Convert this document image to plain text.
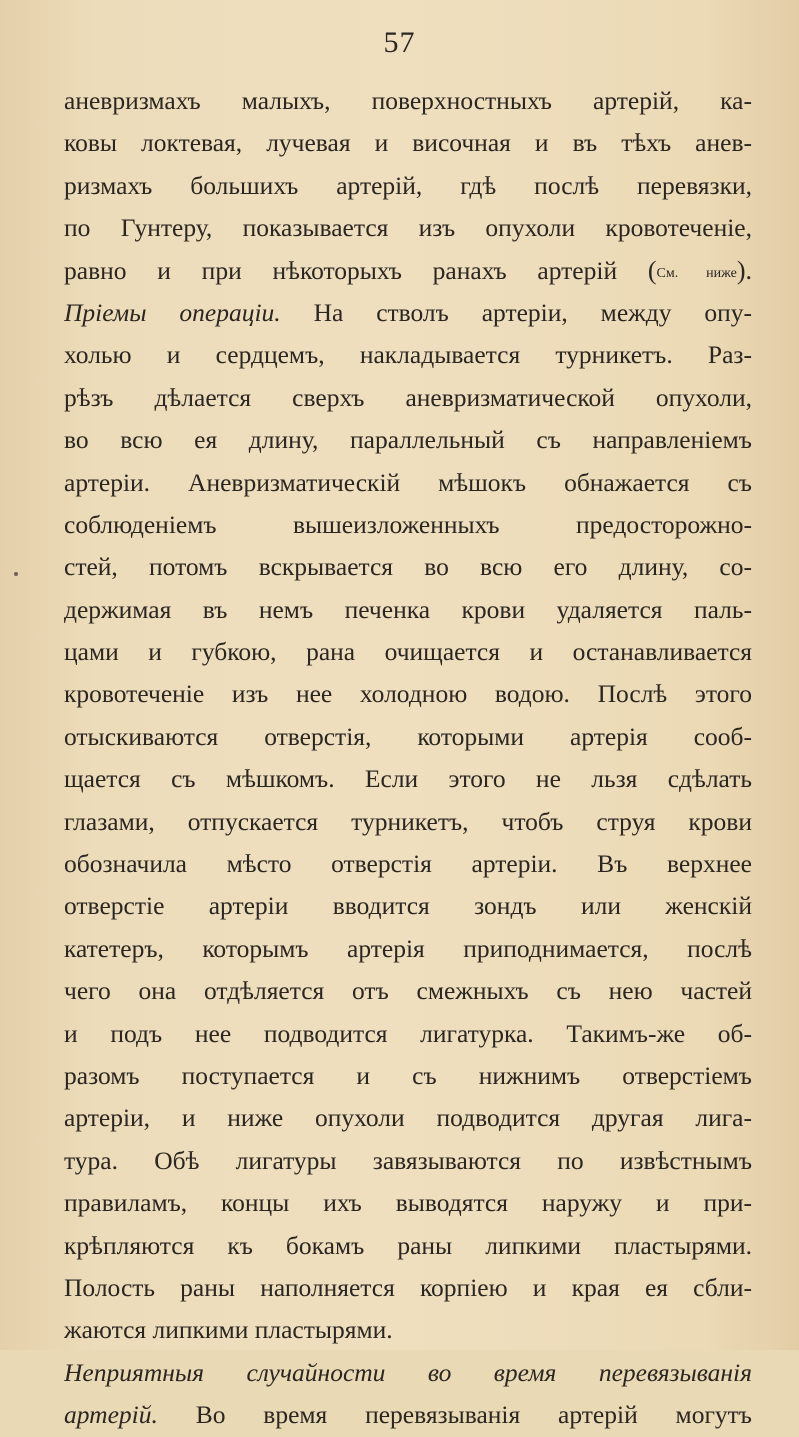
57
аневризмахъ малыхъ, поверхностныхъ артерій, ка-
ковы локтевая, лучевая и височная и въ тѣхъ анев-
ризмахъ большихъ артерій, гдѣ послѣ перевязки,
по Гунтеру, показывается изъ опухоли кровотеченіе,
равно и при нѣкоторыхъ ранахъ артерій (См. ниже).
Пріемы операціи. На стволъ артеріи, между опу-
холью и сердцемъ, накладывается турникетъ. Раз-
рѣзъ дѣлается сверхъ аневризматической опухоли,
во всю ея длину, параллельный съ направленіемъ
артеріи. Аневризматическій мѣшокъ обнажается съ
соблюденіемъ вышеизложенныхъ предосторожно-
стей, потомъ вскрывается во всю его длину, со-
держимая въ немъ печенка крови удаляется паль-
цами и губкою, рана очищается и останавливается
кровотеченіе изъ нее холодною водою. Послѣ этого
отыскиваются отверстія, которыми артерія сооб-
щается съ мѣшкомъ. Если этого не льзя сдѣлать
глазами, отпускается турникетъ, чтобъ струя крови
обозначила мѣсто отверстія артеріи. Въ верхнее
отверстіе артеріи вводится зондъ или женскій
катетеръ, которымъ артерія приподнимается, послѣ
чего она отдѣляется отъ смежныхъ съ нею частей
и подъ нее подводится лигатурка. Такимъ-же об-
разомъ поступается и съ нижнимъ отверстіемъ
артеріи, и ниже опухоли подводится другая лига-
тура. Обѣ лигатуры завязываются по извѣстнымъ
правиламъ, концы ихъ выводятся наружу и при-
крѣпляются къ бокамъ раны липкими пластырями.
Полость раны наполняется корпіею и края ея сбли-
жаются липкими пластырями.
Неприятныя случайности во время перевязыванія
артерій. Во время перевязыванія артерій могутъ
